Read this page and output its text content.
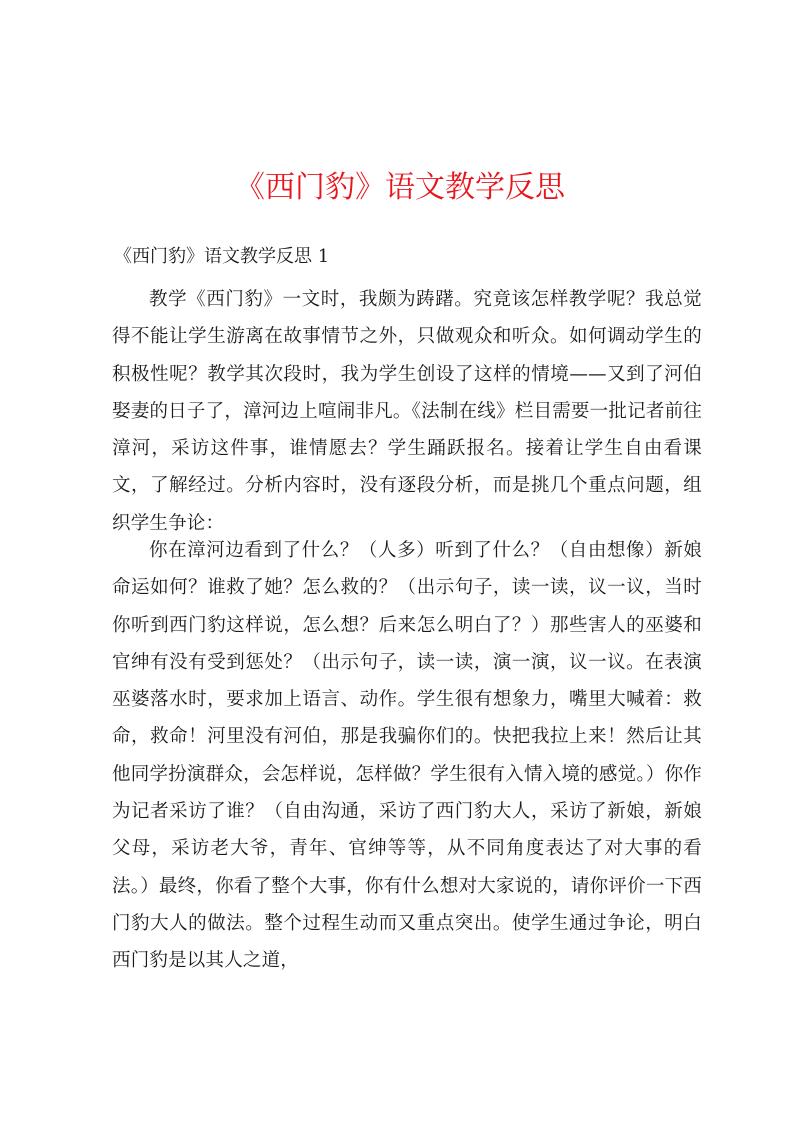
《西门豹》语文教学反思

《西门豹》语文教学反思 1

教学《西门豹》一文时，我颇为踌躇。究竟该怎样教学呢？我总觉得不能让学生游离在故事情节之外，只做观众和听众。如何调动学生的积极性呢？教学其次段时，我为学生创设了这样的情境——又到了河伯娶妻的日子了，漳河边上喧闹非凡。《法制在线》栏目需要一批记者前往漳河，采访这件事，谁情愿去？学生踊跃报名。接着让学生自由看课文，了解经过。分析内容时，没有逐段分析，而是挑几个重点问题，组织学生争论：

你在漳河边看到了什么？（人多）听到了什么？（自由想像）新娘命运如何？谁救了她？怎么救的？（出示句子，读一读，议一议，当时你听到西门豹这样说，怎么想？后来怎么明白了？）那些害人的巫婆和官绅有没有受到惩处？（出示句子，读一读，演一演，议一议。在表演巫婆落水时，要求加上语言、动作。学生很有想象力，嘴里大喊着：救命，救命！河里没有河伯，那是我骗你们的。快把我拉上来！然后让其他同学扮演群众，会怎样说，怎样做？学生很有入情入境的感觉。）你作为记者采访了谁？（自由沟通，采访了西门豹大人，采访了新娘，新娘父母，采访老大爷，青年、官绅等等，从不同角度表达了对大事的看法。）最终，你看了整个大事，你有什么想对大家说的，请你评价一下西门豹大人的做法。整个过程生动而又重点突出。使学生通过争论，明白西门豹是以其人之道，
